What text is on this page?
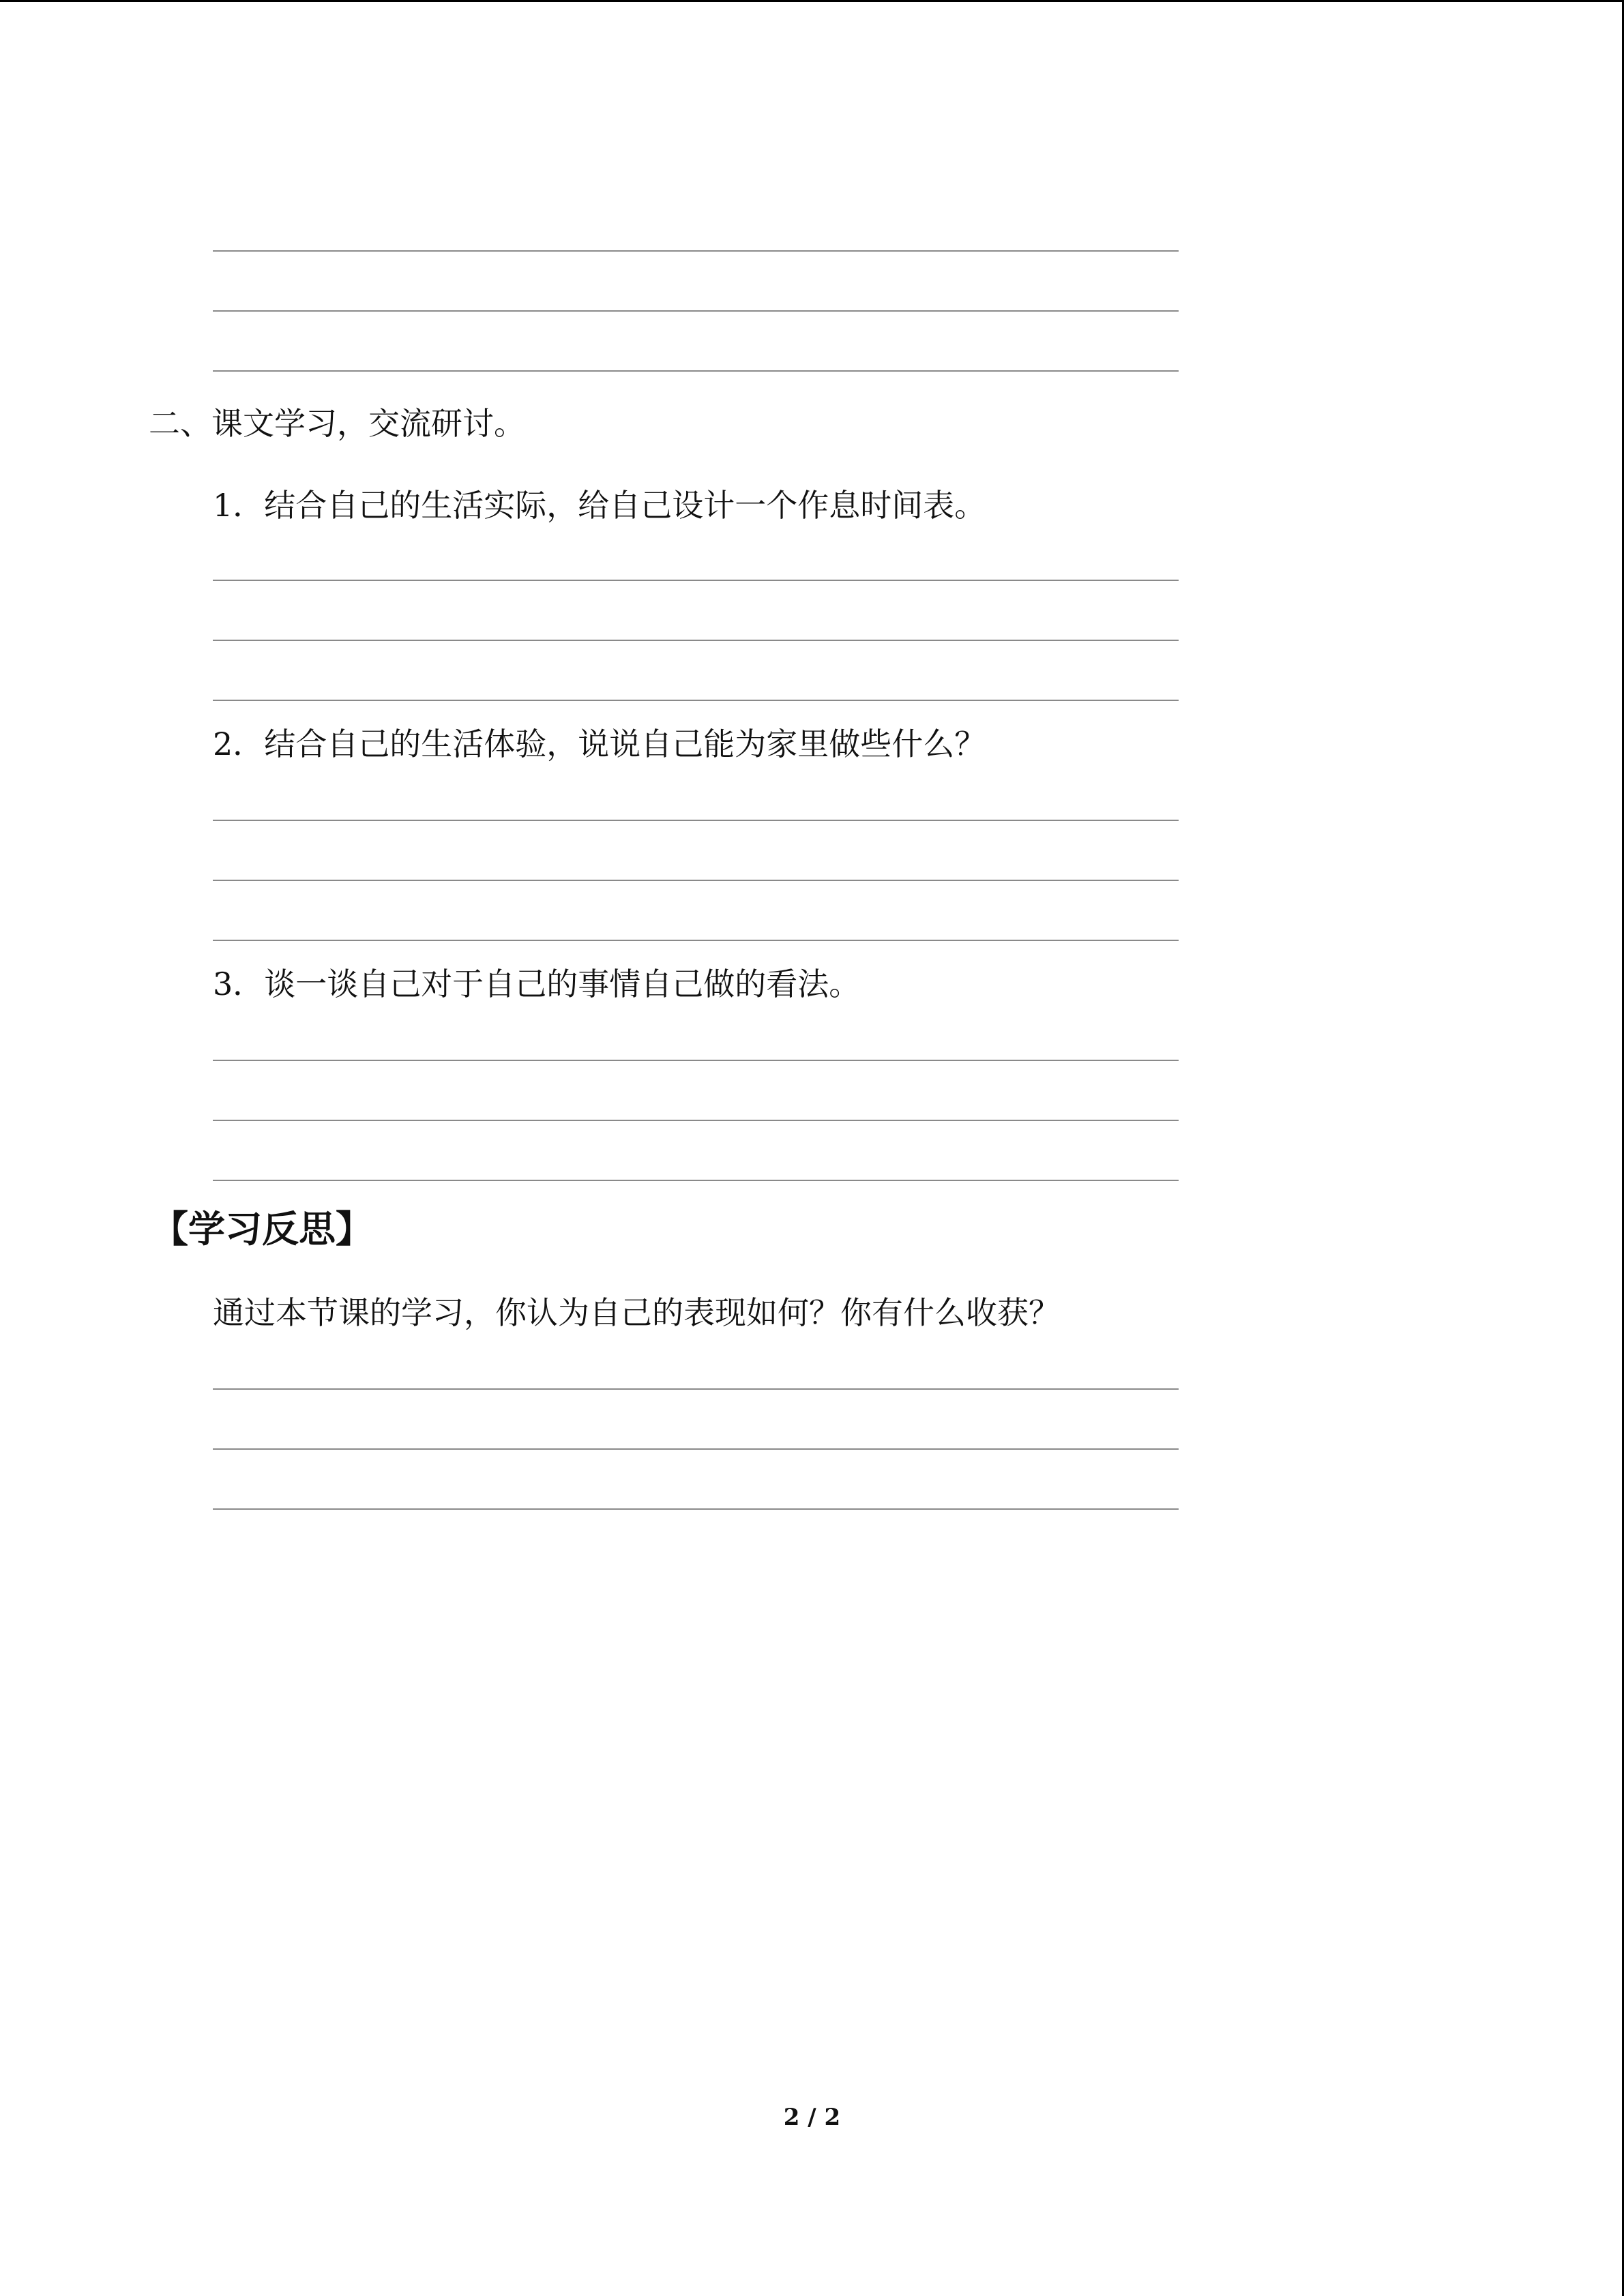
二、课文学习，交流研讨。
1．结合自己的生活实际，给自己设计一个作息时间表。
2．结合自己的生活体验，说说自己能为家里做些什么？
3．谈一谈自己对于自己的事情自己做的看法。
【学习反思】
通过本节课的学习，你认为自己的表现如何？你有什么收获？
2 / 2
